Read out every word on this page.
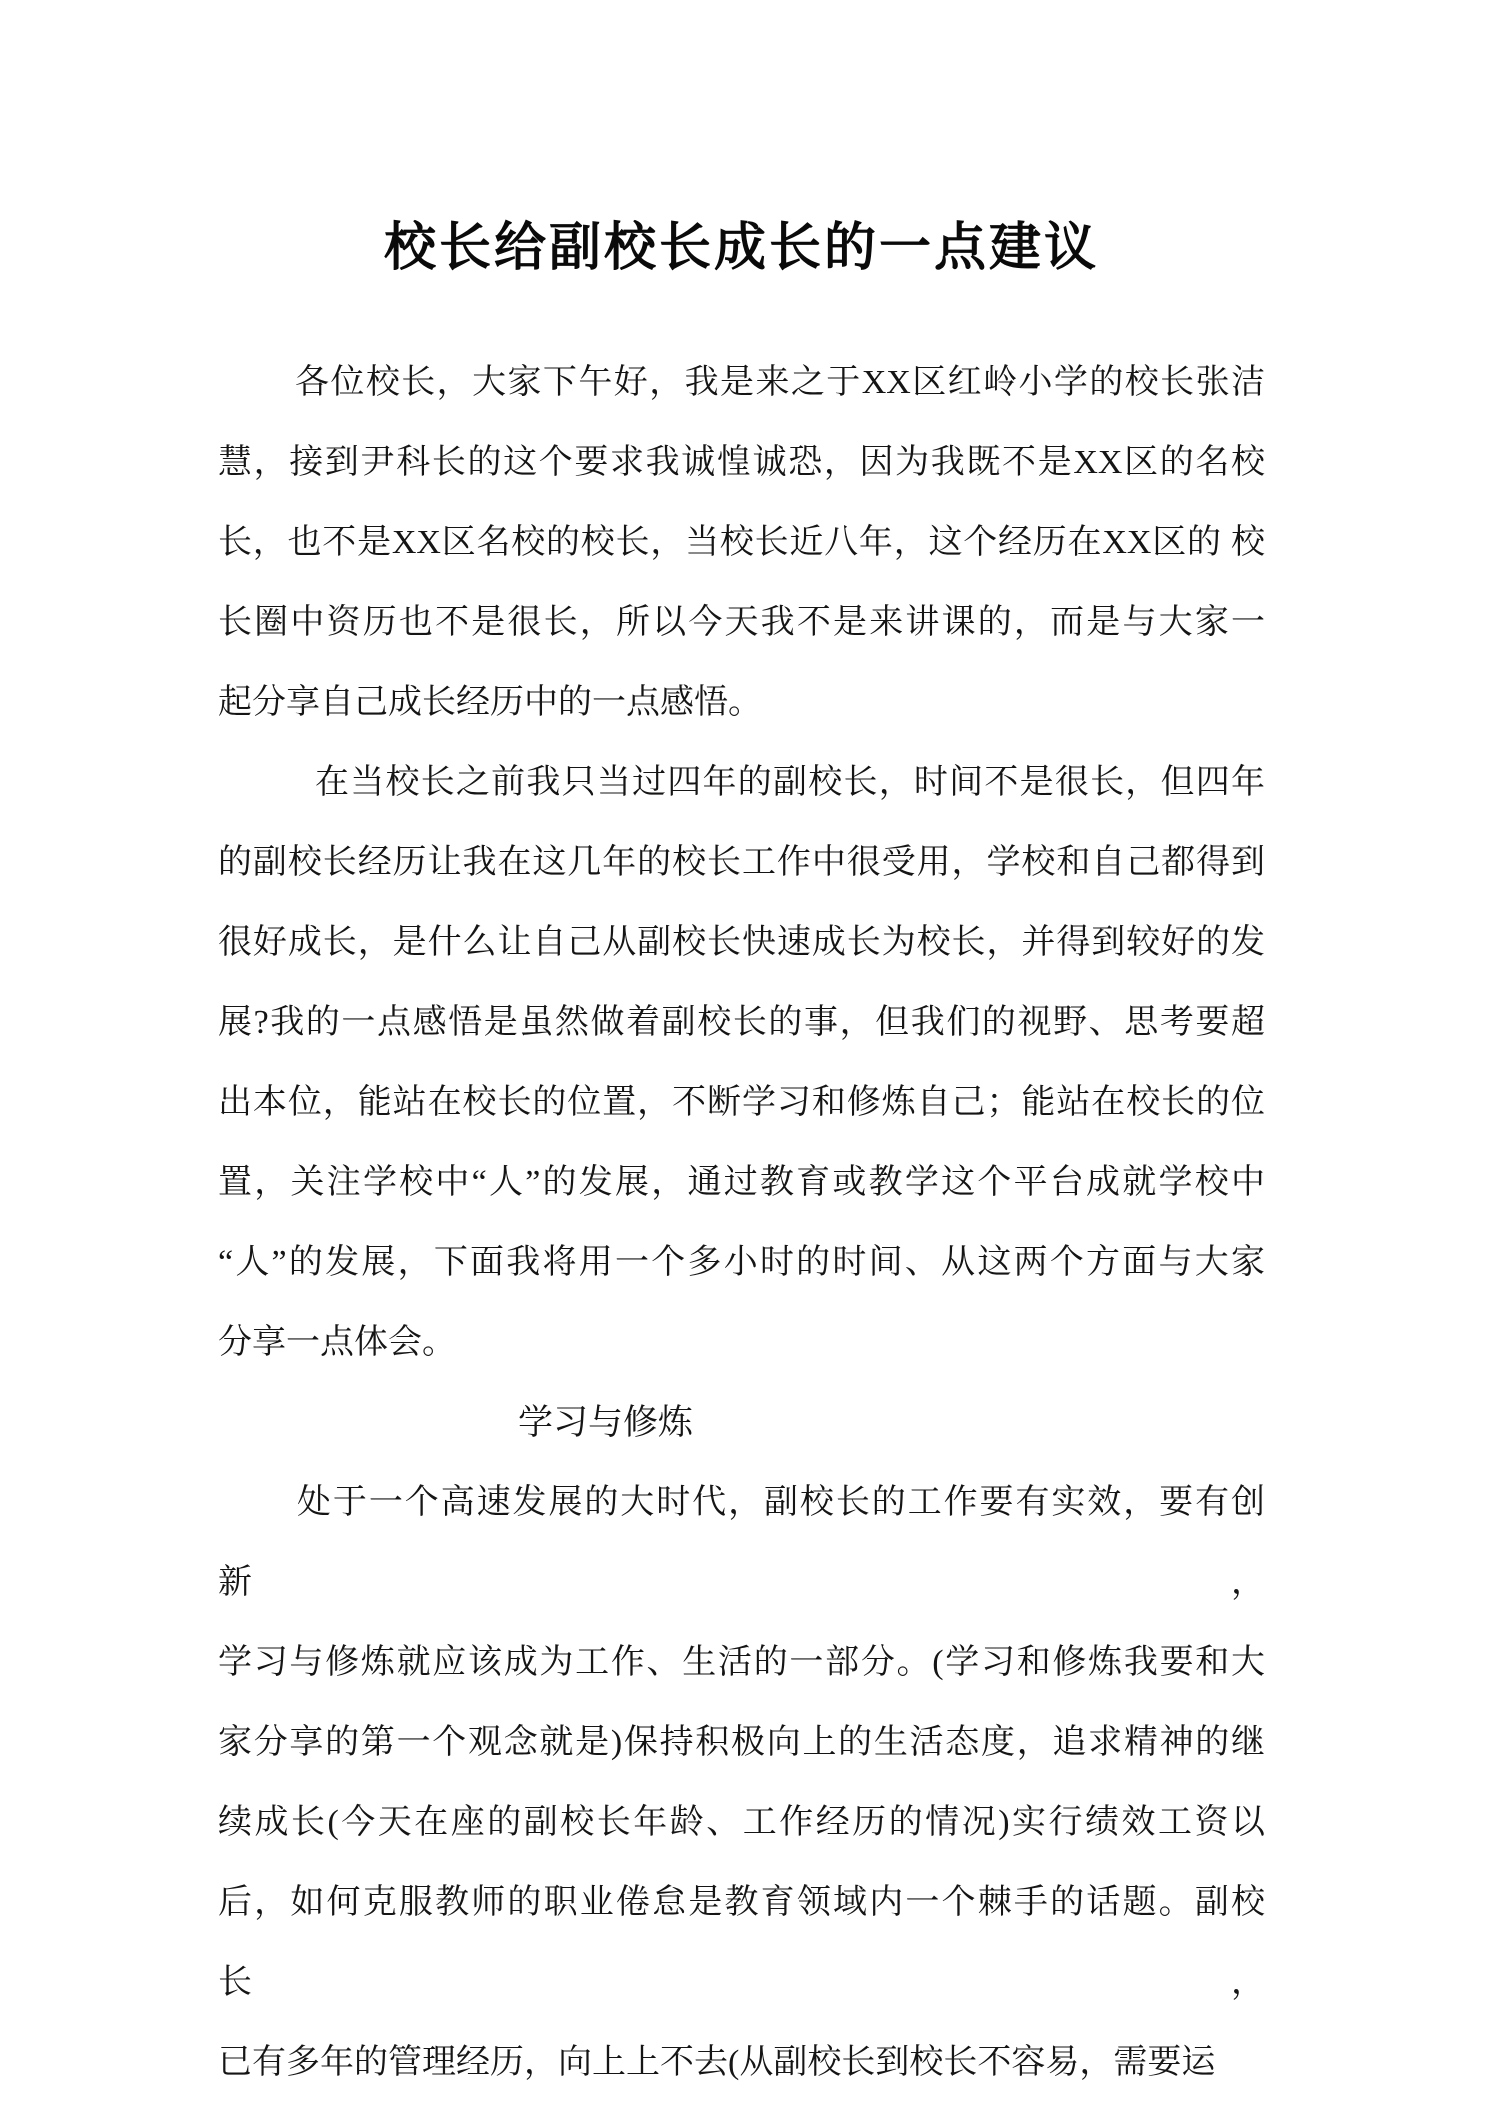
校长给副校长成长的一点建议
各位校长，大家下午好，我是来之于XX区红岭小学的校长张洁
慧，接到尹科长的这个要求我诚惶诚恐，因为我既不是XX区的名校
长，也不是XX区名校的校长，当校长近八年，这个经历在XX区的 校
长圈中资历也不是很长，所以今天我不是来讲课的，而是与大家一
起分享自己成长经历中的一点感悟。
在当校长之前我只当过四年的副校长，时间不是很长，但四年
的副校长经历让我在这几年的校长工作中很受用，学校和自己都得到
很好成长，是什么让自己从副校长快速成长为校长，并得到较好的发
展?我的一点感悟是虽然做着副校长的事，但我们的视野、思考要超
出本位，能站在校长的位置，不断学习和修炼自己；能站在校长的位
置，关注学校中“人”的发展，通过教育或教学这个平台成就学校中
“人”的发展，下面我将用一个多小时的时间、从这两个方面与大家
分享一点体会。
学习与修炼
处于一个高速发展的大时代，副校长的工作要有实效，要有创新，
学习与修炼就应该成为工作、生活的一部分。(学习和修炼我要和大
家分享的第一个观念就是)保持积极向上的生活态度，追求精神的继
续成长(今天在座的副校长年龄、工作经历的情况)实行绩效工资以
后，如何克服教师的职业倦怠是教育领域内一个棘手的话题。副校长，
已有多年的管理经历，向上上不去(从副校长到校长不容易，需要运
